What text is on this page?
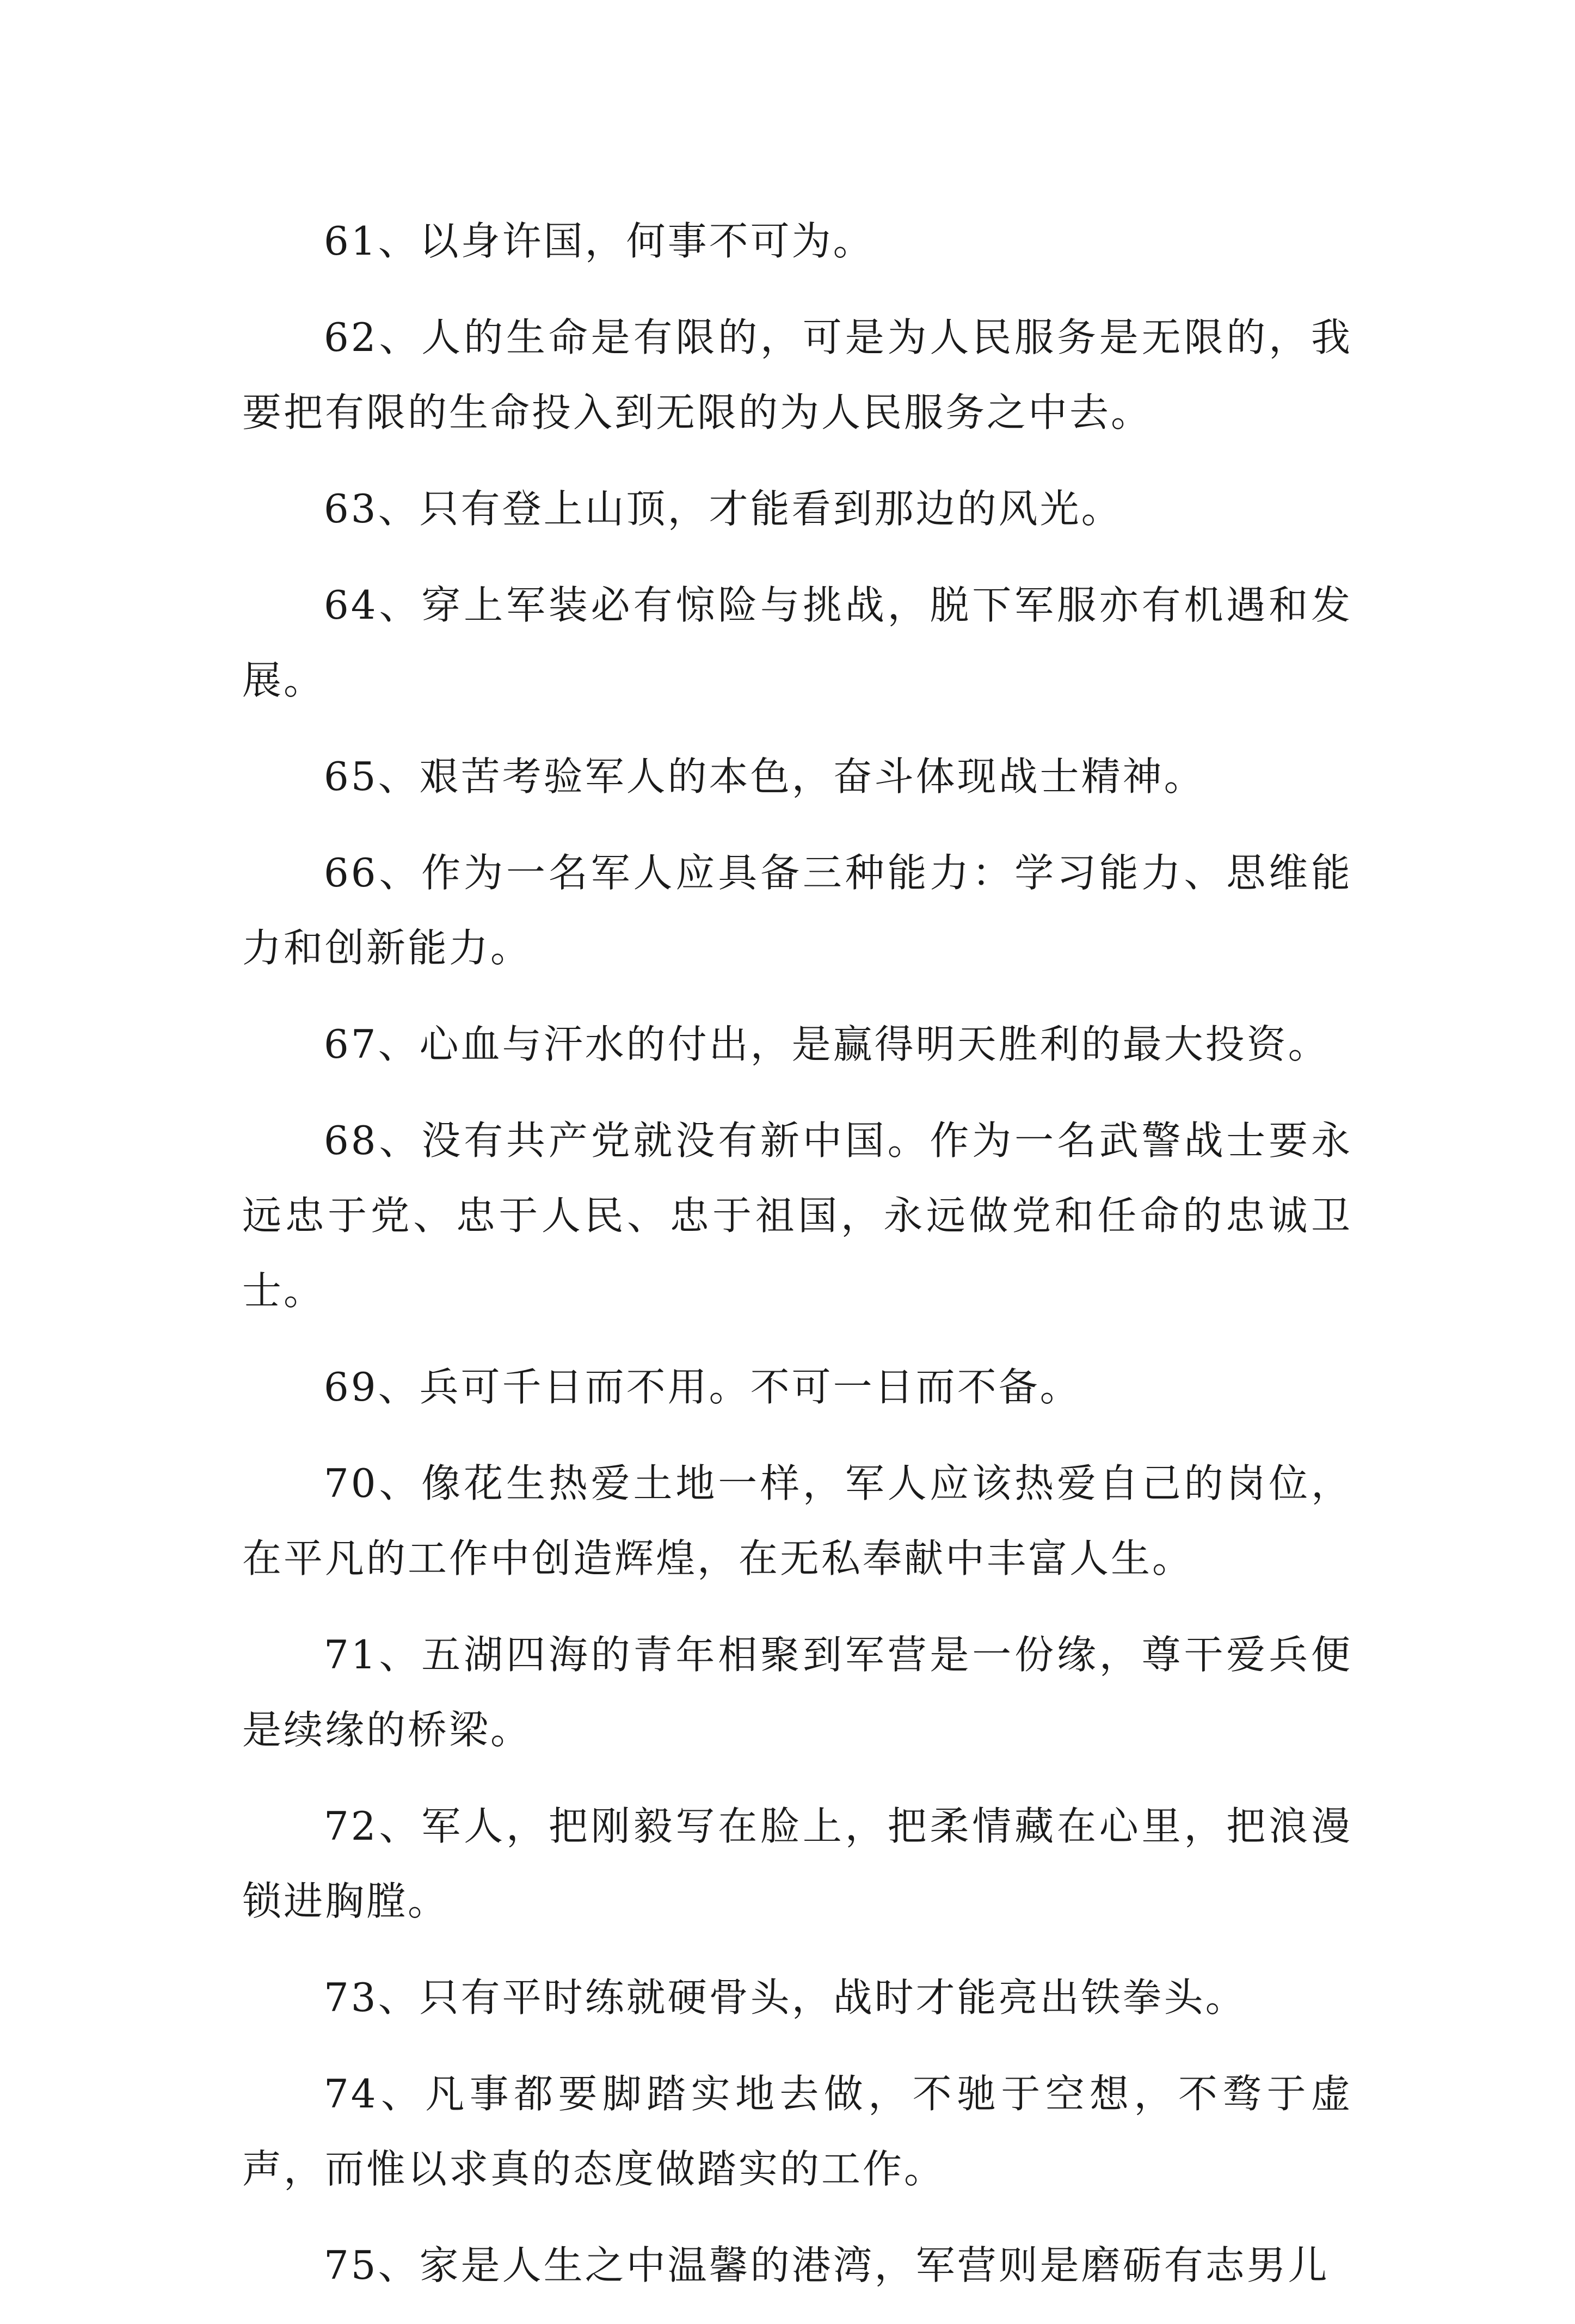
61、以身许国，何事不可为。

62、人的生命是有限的，可是为人民服务是无限的，我要把有限的生命投入到无限的为人民服务之中去。

63、只有登上山顶，才能看到那边的风光。

64、穿上军装必有惊险与挑战，脱下军服亦有机遇和发展。

65、艰苦考验军人的本色，奋斗体现战士精神。

66、作为一名军人应具备三种能力：学习能力、思维能力和创新能力。

67、心血与汗水的付出，是赢得明天胜利的最大投资。

68、没有共产党就没有新中国。作为一名武警战士要永远忠于党、忠于人民、忠于祖国，永远做党和任命的忠诚卫士。

69、兵可千日而不用。不可一日而不备。

70、像花生热爱土地一样，军人应该热爱自己的岗位，在平凡的工作中创造辉煌，在无私奉献中丰富人生。

71、五湖四海的青年相聚到军营是一份缘，尊干爱兵便是续缘的桥梁。

72、军人，把刚毅写在脸上，把柔情藏在心里，把浪漫锁进胸膛。

73、只有平时练就硬骨头，战时才能亮出铁拳头。

74、凡事都要脚踏实地去做，不驰于空想，不骛于虚声，而惟以求真的态度做踏实的工作。

75、家是人生之中温馨的港湾，军营则是磨砺有志男儿
